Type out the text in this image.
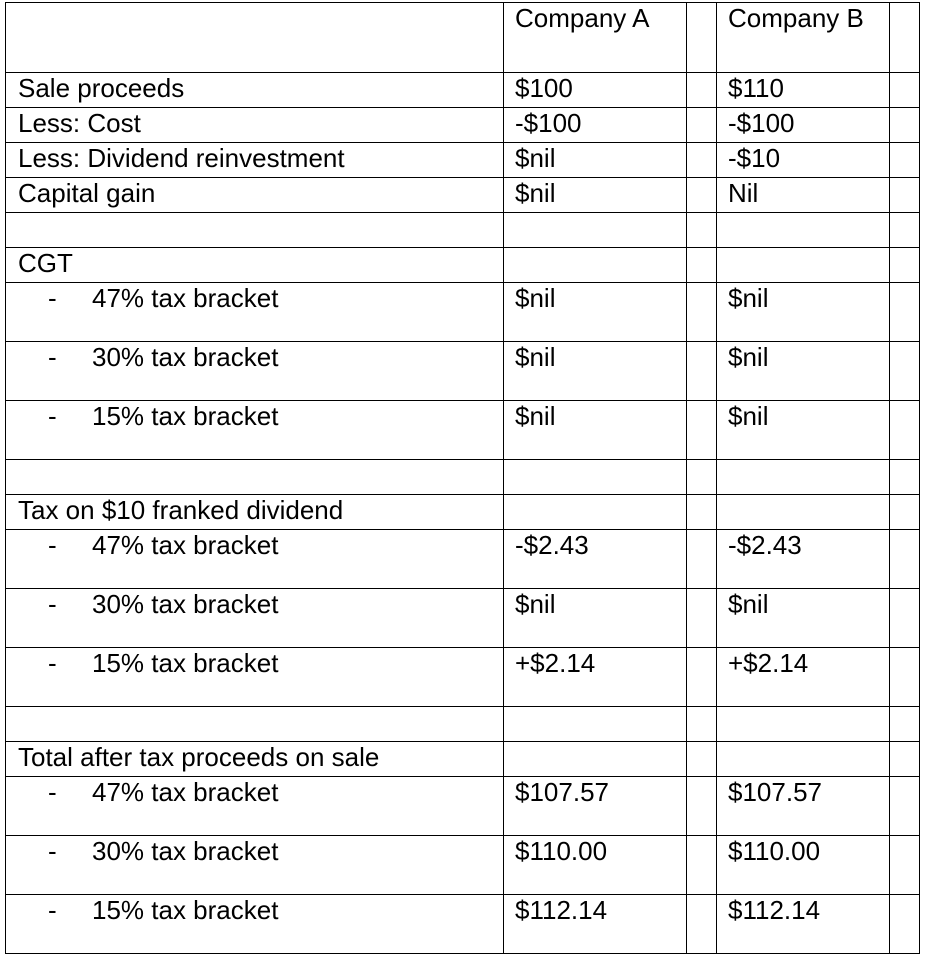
	Company A		Company B	
Sale proceeds	$100		$110	
Less: Cost	-$100		-$100	
Less: Dividend reinvestment	$nil		-$10	
Capital gain	$nil		Nil	

CGT				
- 47% tax bracket	$nil		$nil	
- 30% tax bracket	$nil		$nil	
- 15% tax bracket	$nil		$nil	

Tax on $10 franked dividend				
- 47% tax bracket	-$2.43		-$2.43	
- 30% tax bracket	$nil		$nil	
- 15% tax bracket	+$2.14		+$2.14	

Total after tax proceeds on sale				
- 47% tax bracket	$107.57		$107.57	
- 30% tax bracket	$110.00		$110.00	
- 15% tax bracket	$112.14		$112.14	
